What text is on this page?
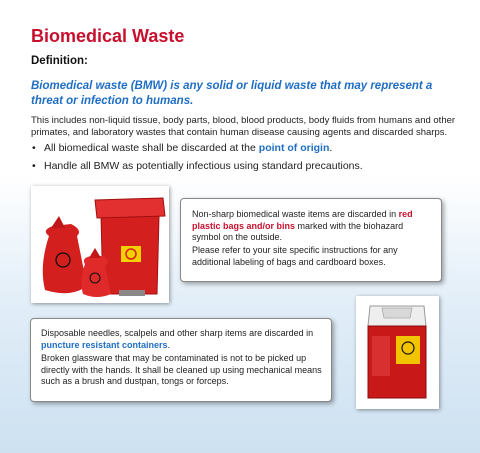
Biomedical Waste
Definition:
Biomedical waste (BMW) is any solid or liquid waste that may represent a threat or infection to humans.
This includes non-liquid tissue, body parts, blood, blood products, body fluids from humans and other primates, and laboratory wastes that contain human disease causing agents and discarded sharps.
• All biomedical waste shall be discarded at the point of origin.
• Handle all BMW as potentially infectious using standard precautions.

Non-sharp biomedical waste items are discarded in red plastic bags and/or bins marked with the biohazard symbol on the outside.

Please refer to your site specific instructions for any additional labeling of bags and cardboard boxes.

Disposable needles, scalpels and other sharp items are discarded in puncture resistant containers.

Broken glassware that may be contaminated is not to be picked up directly with the hands. It shall be cleaned up using mechanical means such as a brush and dustpan, tongs or forceps.
